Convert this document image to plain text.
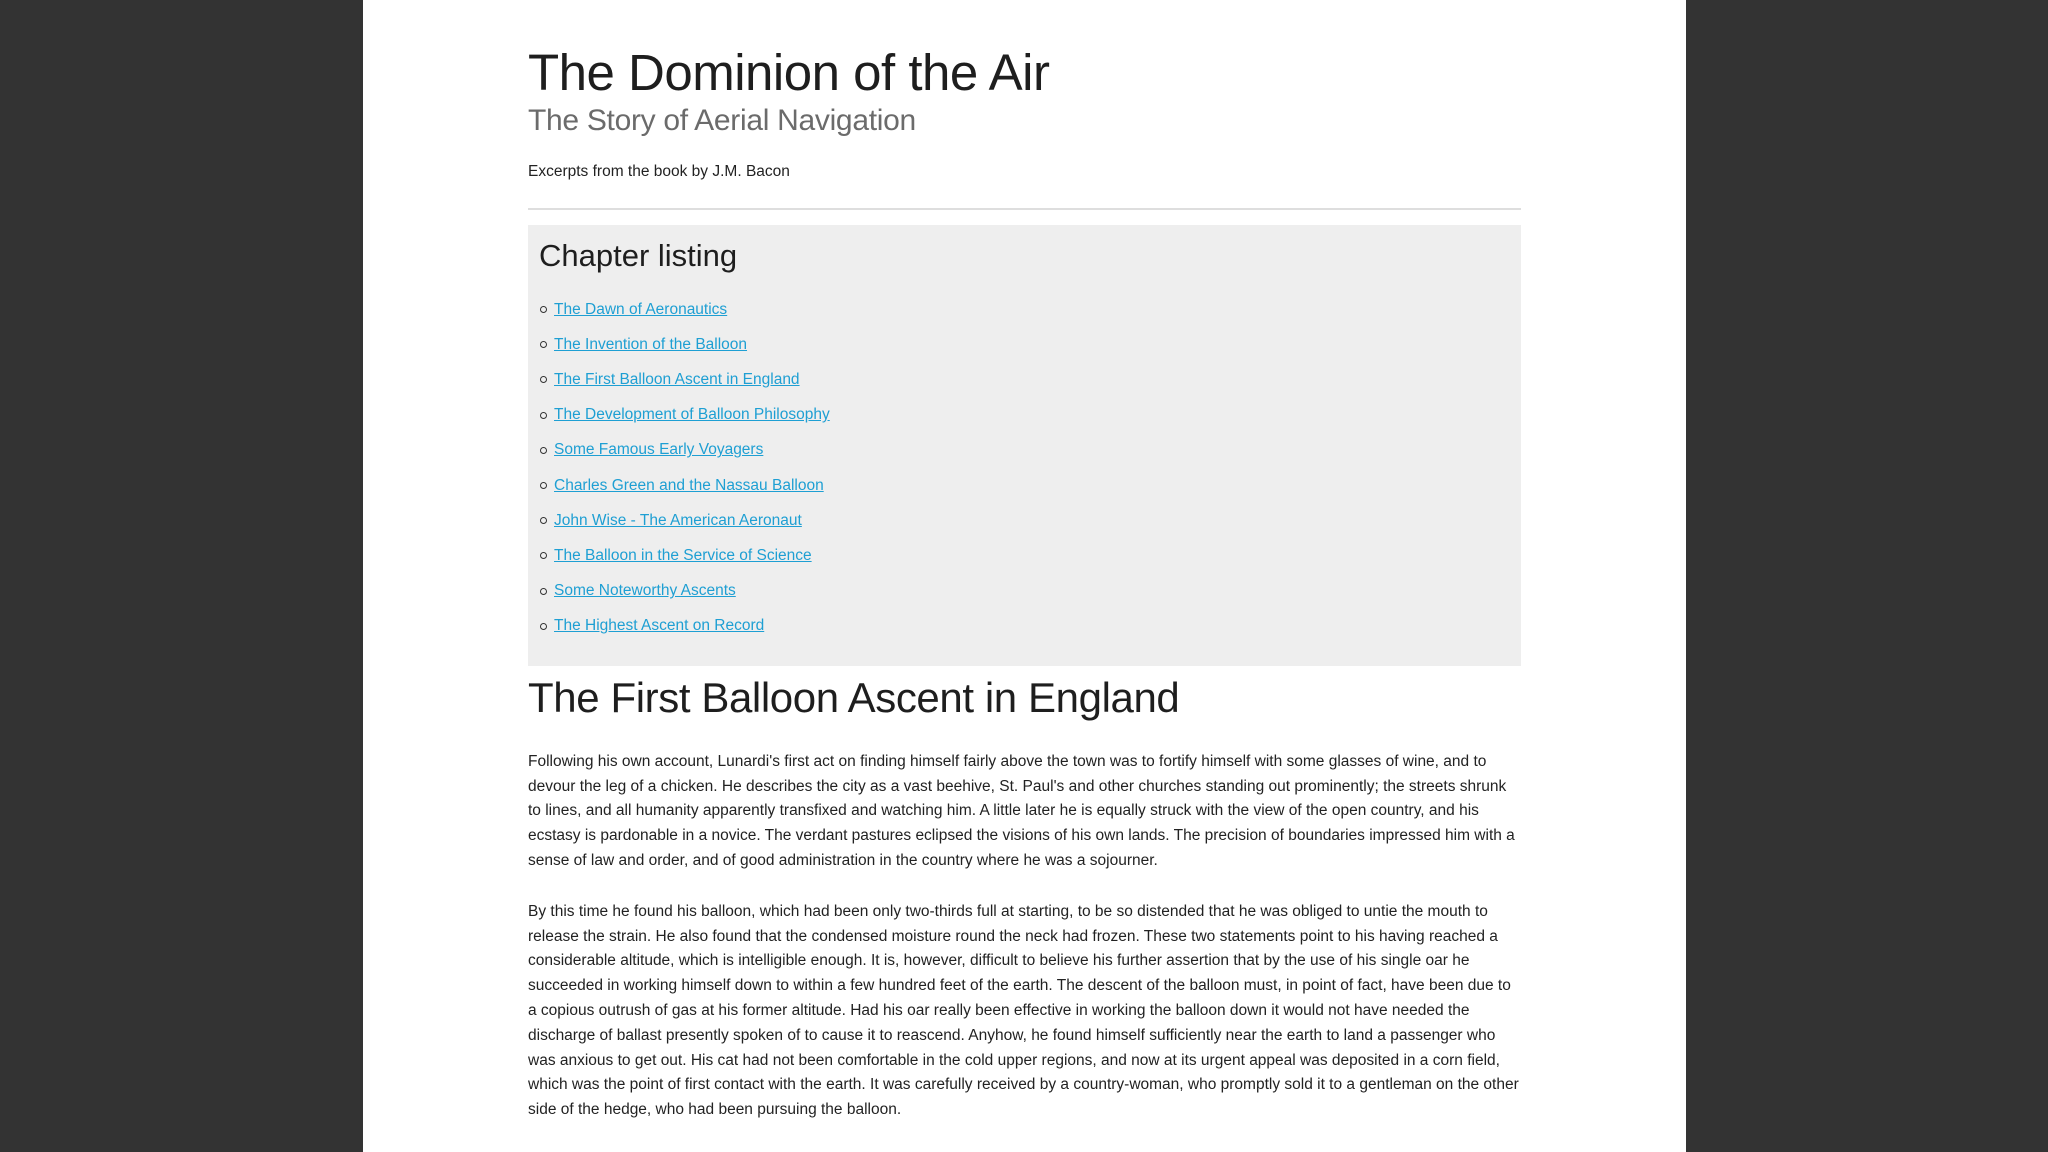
The Dominion of the Air
The Story of Aerial Navigation

Excerpts from the book by J.M. Bacon

Chapter listing
The Dawn of Aeronautics
The Invention of the Balloon
The First Balloon Ascent in England
The Development of Balloon Philosophy
Some Famous Early Voyagers
Charles Green and the Nassau Balloon
John Wise - The American Aeronaut
The Balloon in the Service of Science
Some Noteworthy Ascents
The Highest Ascent on Record
The First Balloon Ascent in England

Following his own account, Lunardi's first act on finding himself fairly above the town was to fortify himself with some glasses of wine, and to devour the leg of a chicken. He describes the city as a vast beehive, St. Paul's and other churches standing out prominently; the streets shrunk to lines, and all humanity apparently transfixed and watching him. A little later he is equally struck with the view of the open country, and his ecstasy is pardonable in a novice. The verdant pastures eclipsed the visions of his own lands. The precision of boundaries impressed him with a sense of law and order, and of good administration in the country where he was a sojourner.

By this time he found his balloon, which had been only two-thirds full at starting, to be so distended that he was obliged to untie the mouth to release the strain. He also found that the condensed moisture round the neck had frozen. These two statements point to his having reached a considerable altitude, which is intelligible enough. It is, however, difficult to believe his further assertion that by the use of his single oar he succeeded in working himself down to within a few hundred feet of the earth. The descent of the balloon must, in point of fact, have been due to a copious outrush of gas at his former altitude. Had his oar really been effective in working the balloon down it would not have needed the discharge of ballast presently spoken of to cause it to reascend. Anyhow, he found himself sufficiently near the earth to land a passenger who was anxious to get out. His cat had not been comfortable in the cold upper regions, and now at its urgent appeal was deposited in a corn field, which was the point of first contact with the earth. It was carefully received by a country-woman, who promptly sold it to a gentleman on the other side of the hedge, who had been pursuing the balloon.
